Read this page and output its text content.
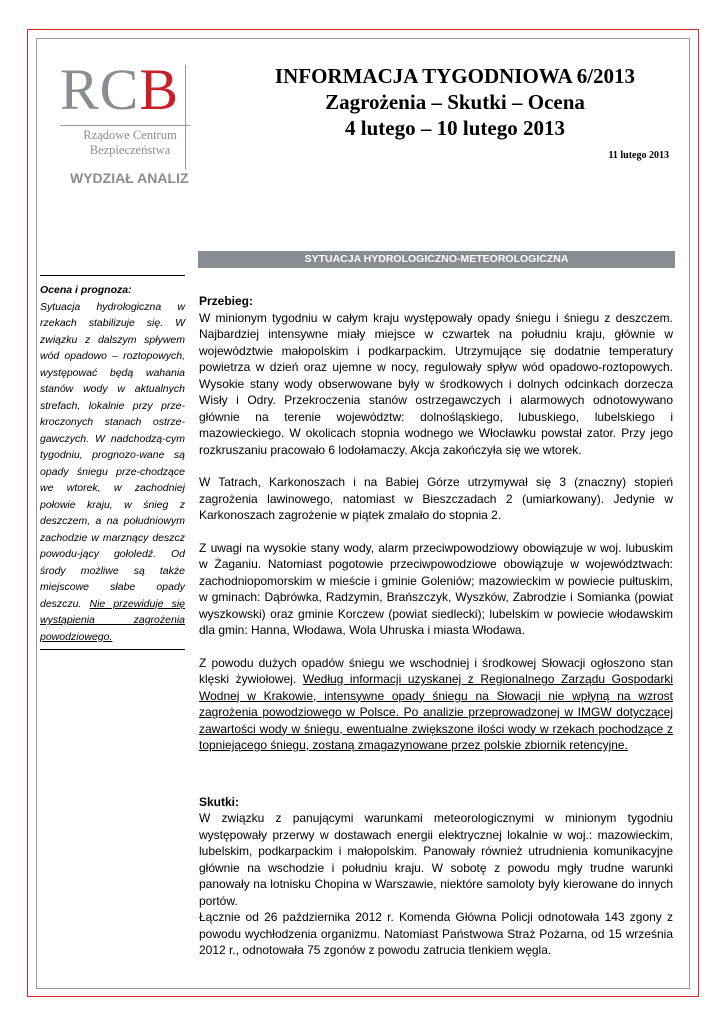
RCB
Rządowe Centrum
Bezpieczeństwa
WYDZIAŁ ANALIZ
INFORMACJA TYGODNIOWA 6/2013
Zagrożenia – Skutki – Ocena
4 lutego – 10 lutego 2013
11 lutego 2013
SYTUACJA HYDROLOGICZNO-METEOROLOGICZNA
Ocena i prognoza:
Sytuacja hydrologiczna w rzekach stabilizuje się. W związku z dalszym spływem wód opadowo – roztopowych, występować będą wahania stanów wody w aktualnych strefach, lokalnie przy prze-kroczonych stanach ostrze-gawczych. W nadchodzą-cym tygodniu, prognozo-wane są opady śniegu prze-chodzące we wtorek, w zachodniej połowie kraju, w śnieg z deszczem, a na południowym zachodzie w marznący deszcz powodu-jący gołoledź. Od środy możliwe są także miejscowe słabe opady deszczu. Nie przewiduje się wystąpienia zagrożenia powodziowego.
Przebieg:

W minionym tygodniu w całym kraju występowały opady śniegu i śniegu z deszczem. Najbardziej intensywne miały miejsce w czwartek na południu kraju, głównie w województwie małopolskim i podkarpackim. Utrzymujące się dodatnie temperatury powietrza w dzień oraz ujemne w nocy, regulowały spływ wód opadowo-roztopowych. Wysokie stany wody obserwowane były w środkowych i dolnych odcinkach dorzecza Wisły i Odry. Przekroczenia stanów ostrzegawczych i alarmowych odnotowywano głównie na terenie województw: dolnośląskiego, lubuskiego, lubelskiego i mazowieckiego. W okolicach stopnia wodnego we Włocławku powstał zator. Przy jego rozkruszaniu pracowało 6 lodołamaczy. Akcja zakończyła się we wtorek.

W Tatrach, Karkonoszach i na Babiej Górze utrzymywał się 3 (znaczny) stopień zagrożenia lawinowego, natomiast w Bieszczadach 2 (umiarkowany). Jedynie w Karkonoszach zagrożenie w piątek zmalało do stopnia 2.

Z uwagi na wysokie stany wody, alarm przeciwpowodziowy obowiązuje w woj. lubuskim w Żaganiu. Natomiast pogotowie przeciwpowodziowe obowiązuje w województwach: zachodniopomorskim w mieście i gminie Goleniów; mazowieckim w powiecie pułtuskim, w gminach: Dąbrówka, Radzymin, Brańszczyk, Wyszków, Zabrodzie i Somianka (powiat wyszkowski) oraz gminie Korczew (powiat siedlecki); lubelskim w powiecie włodawskim dla gmin: Hanna, Włodawa, Wola Uhruska i miasta Włodawa.

Z powodu dużych opadów śniegu we wschodniej i środkowej Słowacji ogłoszono stan klęski żywiołowej. Według informacji uzyskanej z Regionalnego Zarządu Gospodarki Wodnej w Krakowie, intensywne opady śniegu na Słowacji nie wpłyną na wzrost zagrożenia powodziowego w Polsce. Po analizie przeprowadzonej w IMGW dotyczącej zawartości wody w śniegu, ewentualne zwiększone ilości wody w rzekach pochodzące z topniejącego śniegu, zostaną zmagazynowane przez polskie zbiornik retencyjne.

Skutki:

W związku z panującymi warunkami meteorologicznymi w minionym tygodniu występowały przerwy w dostawach energii elektrycznej lokalnie w woj.: mazowieckim, lubelskim, podkarpackim i małopolskim. Panowały również utrudnienia komunikacyjne głównie na wschodzie i południu kraju. W sobotę z powodu mgły trudne warunki panowały na lotnisku Chopina w Warszawie, niektóre samoloty były kierowane do innych portów.

Łącznie od 26 października 2012 r. Komenda Główna Policji odnotowała 143 zgony z powodu wychłodzenia organizmu. Natomiast Państwowa Straż Pożarna, od 15 września 2012 r., odnotowała 75 zgonów z powodu zatrucia tlenkiem węgla.
